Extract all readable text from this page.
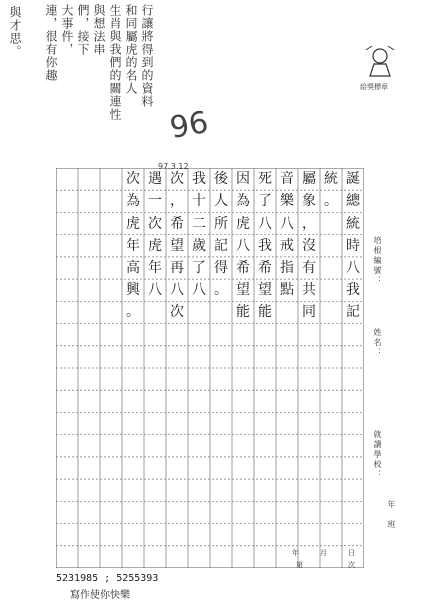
與才思。	大事件， 們，接下 與想法串 生肖與我們的關連性 和同屬虎的名人 行讓將得到的資料
連，很有你趣
96
97.3.12
給獎標章
誕
總
統
時
八
我
記
統
。
屬
象
，
沒
有
共
同
音
樂
八
戒
指
點
死
了
八
我
希
望
能
因
為
虎
八
希
望
能
後
人
所
記
得
。
我
十
二
歲
了
八
次
，
希
望
再
八
次
遇
一
次
虎
年
八
次
為
虎
年
高
興
。
培根編號：
姓名：
就讀學校：
年　班
5231985 ; 5255393
寫作使你快樂
年	月	日
第	次
